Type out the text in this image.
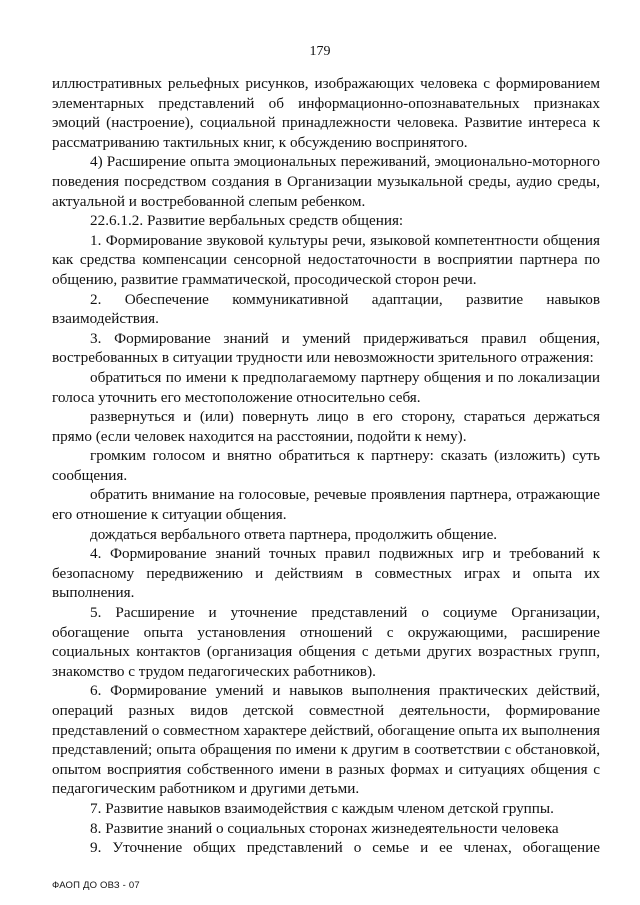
179

иллюстративных рельефных рисунков, изображающих человека с формированием элементарных представлений об информационно-опознавательных признаках эмоций (настроение), социальной принадлежности человека. Развитие интереса к рассматриванию тактильных книг, к обсуждению воспринятого.

4) Расширение опыта эмоциональных переживаний, эмоционально-моторного поведения посредством создания в Организации музыкальной среды, аудио среды, актуальной и востребованной слепым ребенком.

22.6.1.2. Развитие вербальных средств общения:

1. Формирование звуковой культуры речи, языковой компетентности общения как средства компенсации сенсорной недостаточности в восприятии партнера по общению, развитие грамматической, просодической сторон речи.

2. Обеспечение коммуникативной адаптации, развитие навыков взаимодействия.

3. Формирование знаний и умений придерживаться правил общения, востребованных в ситуации трудности или невозможности зрительного отражения:

обратиться по имени к предполагаемому партнеру общения и по локализации голоса уточнить его местоположение относительно себя.

развернуться и (или) повернуть лицо в его сторону, стараться держаться прямо (если человек находится на расстоянии, подойти к нему).

громким голосом и внятно обратиться к партнеру: сказать (изложить) суть сообщения.

обратить внимание на голосовые, речевые проявления партнера, отражающие его отношение к ситуации общения.

дождаться вербального ответа партнера, продолжить общение.

4. Формирование знаний точных правил подвижных игр и требований к безопасному передвижению и действиям в совместных играх и опыта их выполнения.

5. Расширение и уточнение представлений о социуме Организации, обогащение опыта установления отношений с окружающими, расширение социальных контактов (организация общения с детьми других возрастных групп, знакомство с трудом педагогических работников).

6. Формирование умений и навыков выполнения практических действий, операций разных видов детской совместной деятельности, формирование представлений о совместном характере действий, обогащение опыта их выполнения представлений; опыта обращения по имени к другим в соответствии с обстановкой, опытом восприятия собственного имени в разных формах и ситуациях общения с педагогическим работником и другими детьми.

7. Развитие навыков взаимодействия с каждым членом детской группы.

8. Развитие знаний о социальных сторонах жизнедеятельности человека

9. Уточнение общих представлений о семье и ее членах, обогащение

ФАОП ДО ОВЗ - 07
